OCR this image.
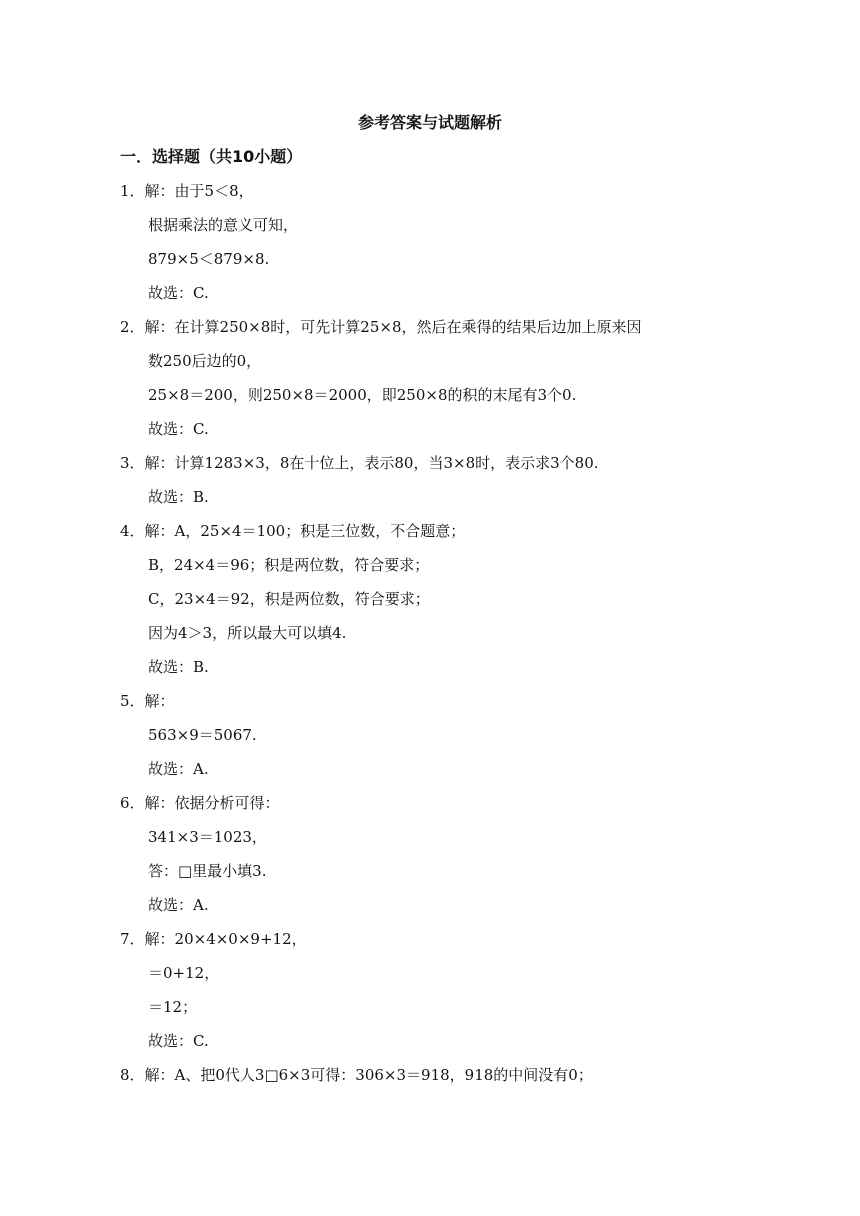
参考答案与试题解析
一．选择题（共10小题）
1．解：由于5＜8，
根据乘法的意义可知，
879×5＜879×8.
故选：C.
2．解：在计算250×8时，可先计算25×8，然后在乘得的结果后边加上原来因
数250后边的0，
25×8＝200，则250×8＝2000，即250×8的积的末尾有3个0.
故选：C.
3．解：计算1283×3，8在十位上，表示80，当3×8时，表示求3个80.
故选：B.
4．解：A，25×4＝100；积是三位数，不合题意；
B，24×4＝96；积是两位数，符合要求；
C，23×4＝92，积是两位数，符合要求；
因为4＞3，所以最大可以填4.
故选：B.
5．解：
563×9＝5067.
故选：A.
6．解：依据分析可得：
341×3＝1023，
答：□里最小填3.
故选：A.
7．解：20×4×0×9+12，
＝0+12，
＝12；
故选：C.
8．解：A、把0代人3□6×3可得：306×3＝918，918的中间没有0；
